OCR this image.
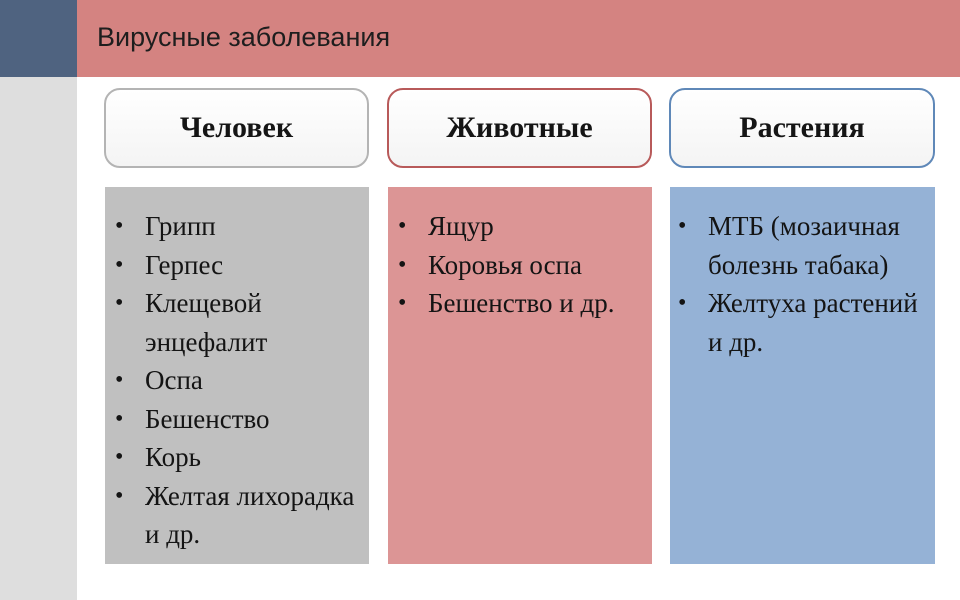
Вирусные заболевания
Человек	Животные	Растения
• Грипп
• Герпес
• Клещевой энцефалит
• Оспа
• Бешенство
• Корь
• Желтая лихорадка и др.
• Ящур
• Коровья оспа
• Бешенство и др.
• МТБ (мозаичная болезнь табака)
• Желтуха растений и др.
